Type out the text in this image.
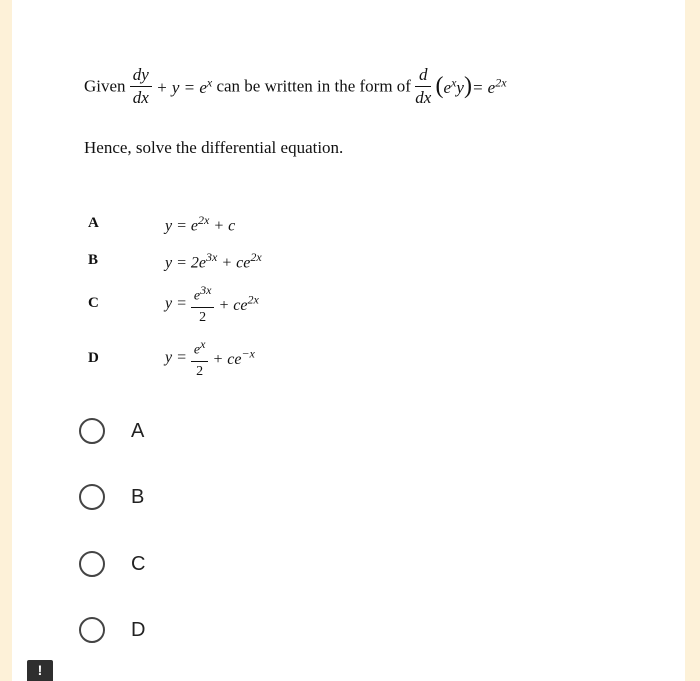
Given $\frac{dy}{dx} + y = e^x$ can be written in the form of $\frac{d}{dx} (e^xy)= e^{2x}$
Hence, solve the differential equation.
A	$y = e^{2x} + c$
B	$y = 2e^{3x} + ce^{2x}$
C	$y = \frac{e^{3x}}{2} + ce^{2x}$
D	$y = \frac{e^x}{2} + ce^{-x}$
A
B
C
D
!
